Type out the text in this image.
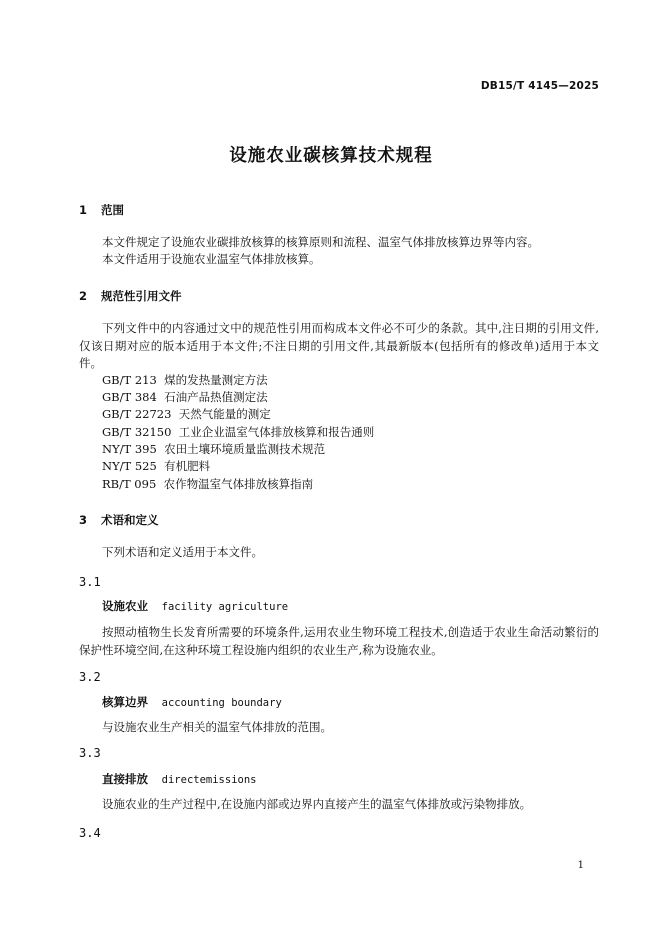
DB15/T 4145—2025
设施农业碳核算技术规程
1 范围
本文件规定了设施农业碳排放核算的核算原则和流程、温室气体排放核算边界等内容。
本文件适用于设施农业温室气体排放核算。
2 规范性引用文件
下列文件中的内容通过文中的规范性引用而构成本文件必不可少的条款。其中,注日期的引用文件,仅该日期对应的版本适用于本文件;不注日期的引用文件,其最新版本(包括所有的修改单)适用于本文件。
GB/T 213  煤的发热量测定方法
GB/T 384  石油产品热值测定法
GB/T 22723  天然气能量的测定
GB/T 32150  工业企业温室气体排放核算和报告通则
NY/T 395  农田土壤环境质量监测技术规范
NY/T 525  有机肥料
RB/T 095  农作物温室气体排放核算指南
3 术语和定义
下列术语和定义适用于本文件。
3.1
设施农业 facility agriculture
按照动植物生长发育所需要的环境条件,运用农业生物环境工程技术,创造适于农业生命活动繁衍的保护性环境空间,在这种环境工程设施内组织的农业生产,称为设施农业。
3.2
核算边界 accounting boundary
与设施农业生产相关的温室气体排放的范围。
3.3
直接排放 directemissions
设施农业的生产过程中,在设施内部或边界内直接产生的温室气体排放或污染物排放。
3.4
1
